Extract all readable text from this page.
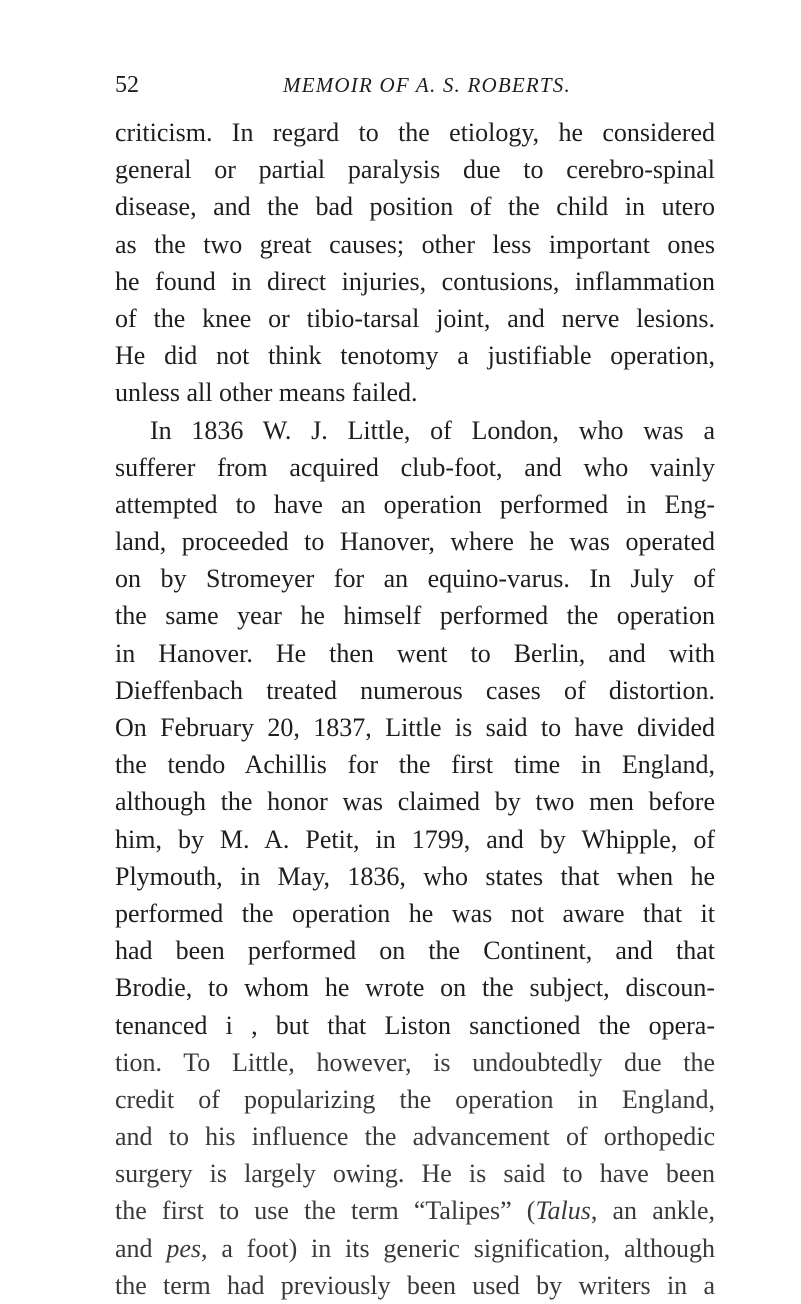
52	MEMOIR OF A. S. ROBERTS.
criticism. In regard to the etiology, he considered
general or partial paralysis due to cerebro-spinal
disease, and the bad position of the child in utero
as the two great causes; other less important ones
he found in direct injuries, contusions, inflammation
of the knee or tibio-tarsal joint, and nerve lesions.
He did not think tenotomy a justifiable operation,
unless all other means failed.
In 1836 W. J. Little, of London, who was a
sufferer from acquired club-foot, and who vainly
attempted to have an operation performed in Eng-
land, proceeded to Hanover, where he was operated
on by Stromeyer for an equino-varus. In July of
the same year he himself performed the operation
in Hanover. He then went to Berlin, and with
Dieffenbach treated numerous cases of distortion.
On February 20, 1837, Little is said to have divided
the tendo Achillis for the first time in England,
although the honor was claimed by two men before
him, by M. A. Petit, in 1799, and by Whipple, of
Plymouth, in May, 1836, who states that when he
performed the operation he was not aware that it
had been performed on the Continent, and that
Brodie, to whom he wrote on the subject, discoun-
tenanced i , but that Liston sanctioned the opera-
tion. To Little, however, is undoubtedly due the
credit of popularizing the operation in England,
and to his influence the advancement of orthopedic
surgery is largely owing. He is said to have been
the first to use the term “Talipes” (Talus, an ankle,
and pes, a foot) in its generic signification, although
the term had previously been used by writers in a
